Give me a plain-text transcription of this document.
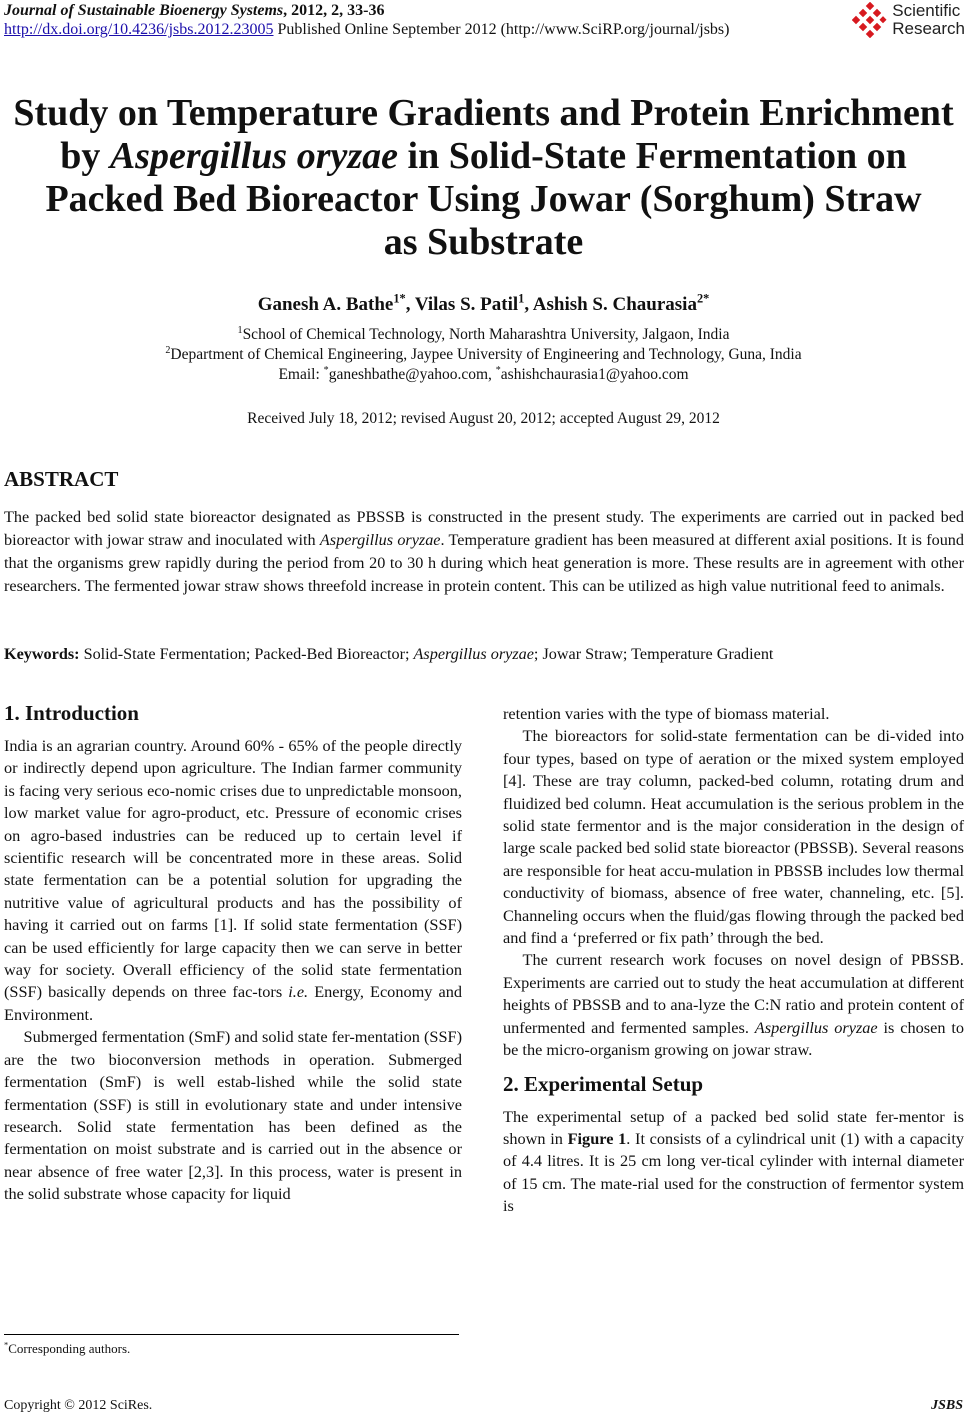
Journal of Sustainable Bioenergy Systems, 2012, 2, 33-36
http://dx.doi.org/10.4236/jsbs.2012.23005 Published Online September 2012 (http://www.SciRP.org/journal/jsbs)
Scientific
Research
Study on Temperature Gradients and Protein Enrichment
by Aspergillus oryzae in Solid-State Fermentation on
Packed Bed Bioreactor Using Jowar (Sorghum) Straw
as Substrate
Ganesh A. Bathe$^{1*}$, Vilas S. Patil$^1$, Ashish S. Chaurasia$^{2*}$
$^1$School of Chemical Technology, North Maharashtra University, Jalgaon, India
$^2$Department of Chemical Engineering, Jaypee University of Engineering and Technology, Guna, India
Email: *ganeshbathe@yahoo.com, *ashishchaurasia1@yahoo.com
Received July 18, 2012; revised August 20, 2012; accepted August 29, 2012
ABSTRACT
The packed bed solid state bioreactor designated as PBSSB is constructed in the present study. The experiments are carried out in packed bed bioreactor with jowar straw and inoculated with Aspergillus oryzae. Temperature gradient has been measured at different axial positions. It is found that the organisms grew rapidly during the period from 20 to 30 h during which heat generation is more. These results are in agreement with other researchers. The fermented jowar straw shows threefold increase in protein content. This can be utilized as high value nutritional feed to animals.
Keywords: Solid-State Fermentation; Packed-Bed Bioreactor; Aspergillus oryzae; Jowar Straw; Temperature Gradient
1. Introduction

India is an agrarian country. Around 60% - 65% of the people directly or indirectly depend upon agriculture. The Indian farmer community is facing very serious eco-nomic crises due to unpredictable monsoon, low market value for agro-product, etc. Pressure of economic crises on agro-based industries can be reduced up to certain level if scientific research will be concentrated more in these areas. Solid state fermentation can be a potential solution for upgrading the nutritive value of agricultural products and has the possibility of having it carried out on farms [1]. If solid state fermentation (SSF) can be used efficiently for large capacity then we can serve in better way for society. Overall efficiency of the solid state fermentation (SSF) basically depends on three fac-tors i.e. Energy, Economy and Environment.

Submerged fermentation (SmF) and solid state fer-mentation (SSF) are the two bioconversion methods in operation. Submerged fermentation (SmF) is well estab-lished while the solid state fermentation (SSF) is still in evolutionary state and under intensive research. Solid state fermentation has been defined as the fermentation on moist substrate and is carried out in the absence or near absence of free water [2,3]. In this process, water is present in the solid substrate whose capacity for liquid

retention varies with the type of biomass material.

The bioreactors for solid-state fermentation can be di-vided into four types, based on type of aeration or the mixed system employed [4]. These are tray column, packed-bed column, rotating drum and fluidized bed column. Heat accumulation is the serious problem in the solid state fermentor and is the major consideration in the design of large scale packed bed solid state bioreactor (PBSSB). Several reasons are responsible for heat accu-mulation in PBSSB includes low thermal conductivity of biomass, absence of free water, channeling, etc. [5]. Channeling occurs when the fluid/gas flowing through the packed bed and find a ‘preferred or fix path’ through the bed.

The current research work focuses on novel design of PBSSB. Experiments are carried out to study the heat accumulation at different heights of PBSSB and to ana-lyze the C:N ratio and protein content of unfermented and fermented samples. Aspergillus oryzae is chosen to be the micro-organism growing on jowar straw.

2. Experimental Setup

The experimental setup of a packed bed solid state fer-mentor is shown in Figure 1. It consists of a cylindrical unit (1) with a capacity of 4.4 litres. It is 25 cm long ver-tical cylinder with internal diameter of 15 cm. The mate-rial used for the construction of fermentor system is

*Corresponding authors.
Copyright © 2012 SciRes.	JSBS
